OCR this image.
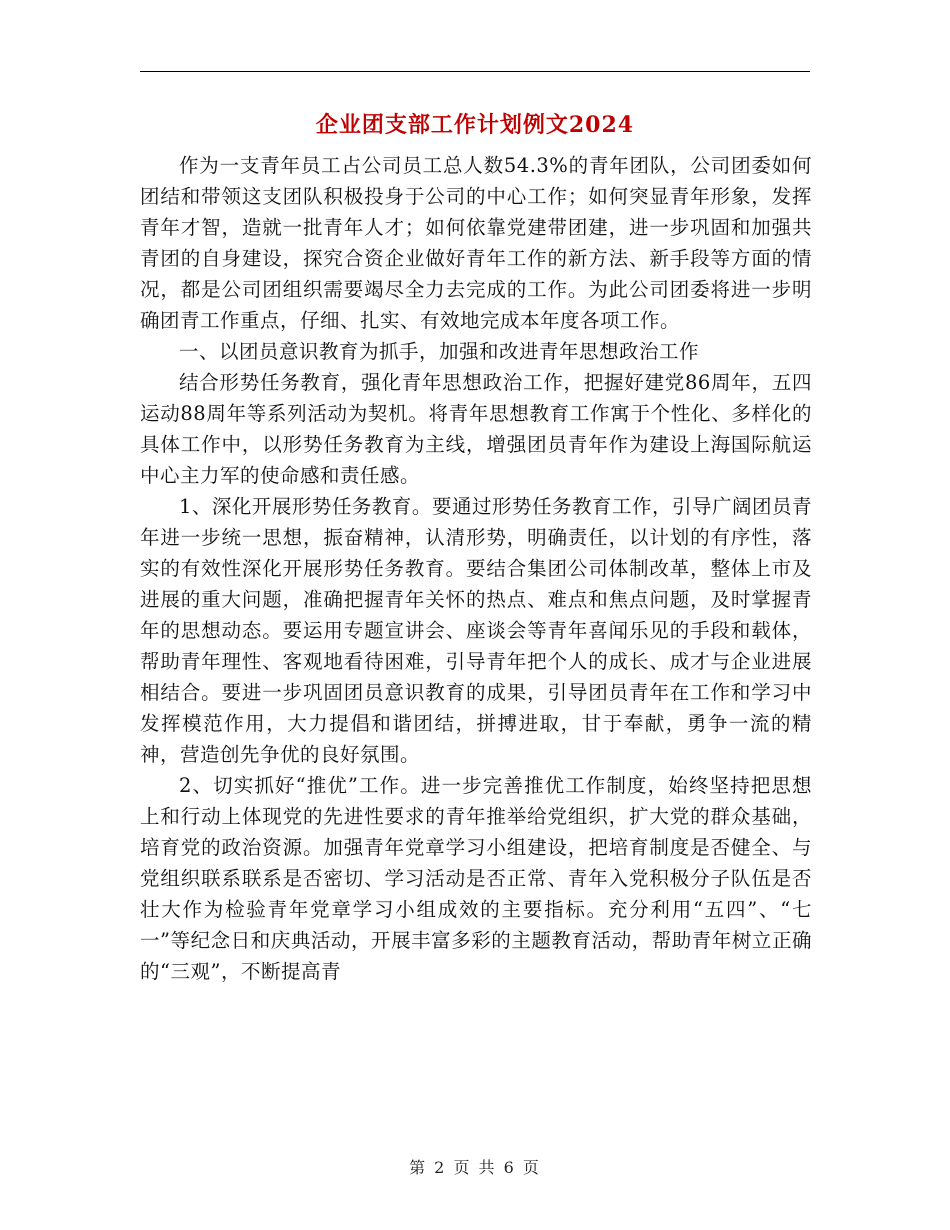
企业团支部工作计划例文2024

作为一支青年员工占公司员工总人数54.3%的青年团队，公司团委如何团结和带领这支团队积极投身于公司的中心工作；如何突显青年形象，发挥青年才智，造就一批青年人才；如何依靠党建带团建，进一步巩固和加强共青团的自身建设，探究合资企业做好青年工作的新方法、新手段等方面的情况，都是公司团组织需要竭尽全力去完成的工作。为此公司团委将进一步明确团青工作重点，仔细、扎实、有效地完成本年度各项工作。

一、以团员意识教育为抓手，加强和改进青年思想政治工作

结合形势任务教育，强化青年思想政治工作，把握好建党86周年，五四运动88周年等系列活动为契机。将青年思想教育工作寓于个性化、多样化的具体工作中，以形势任务教育为主线，增强团员青年作为建设上海国际航运中心主力军的使命感和责任感。

1、深化开展形势任务教育。要通过形势任务教育工作，引导广阔团员青年进一步统一思想，振奋精神，认清形势，明确责任，以计划的有序性，落实的有效性深化开展形势任务教育。要结合集团公司体制改革，整体上市及进展的重大问题，准确把握青年关怀的热点、难点和焦点问题，及时掌握青年的思想动态。要运用专题宣讲会、座谈会等青年喜闻乐见的手段和载体，帮助青年理性、客观地看待困难，引导青年把个人的成长、成才与企业进展相结合。要进一步巩固团员意识教育的成果，引导团员青年在工作和学习中发挥模范作用，大力提倡和谐团结，拼搏进取，甘于奉献，勇争一流的精神，营造创先争优的良好氛围。

2、切实抓好“推优”工作。进一步完善推优工作制度，始终坚持把思想上和行动上体现党的先进性要求的青年推举给党组织，扩大党的群众基础，培育党的政治资源。加强青年党章学习小组建设，把培育制度是否健全、与党组织联系联系是否密切、学习活动是否正常、青年入党积极分子队伍是否壮大作为检验青年党章学习小组成效的主要指标。充分利用“五四”、“七一”等纪念日和庆典活动，开展丰富多彩的主题教育活动，帮助青年树立正确的“三观”，不断提高青

第 2 页 共 6 页
